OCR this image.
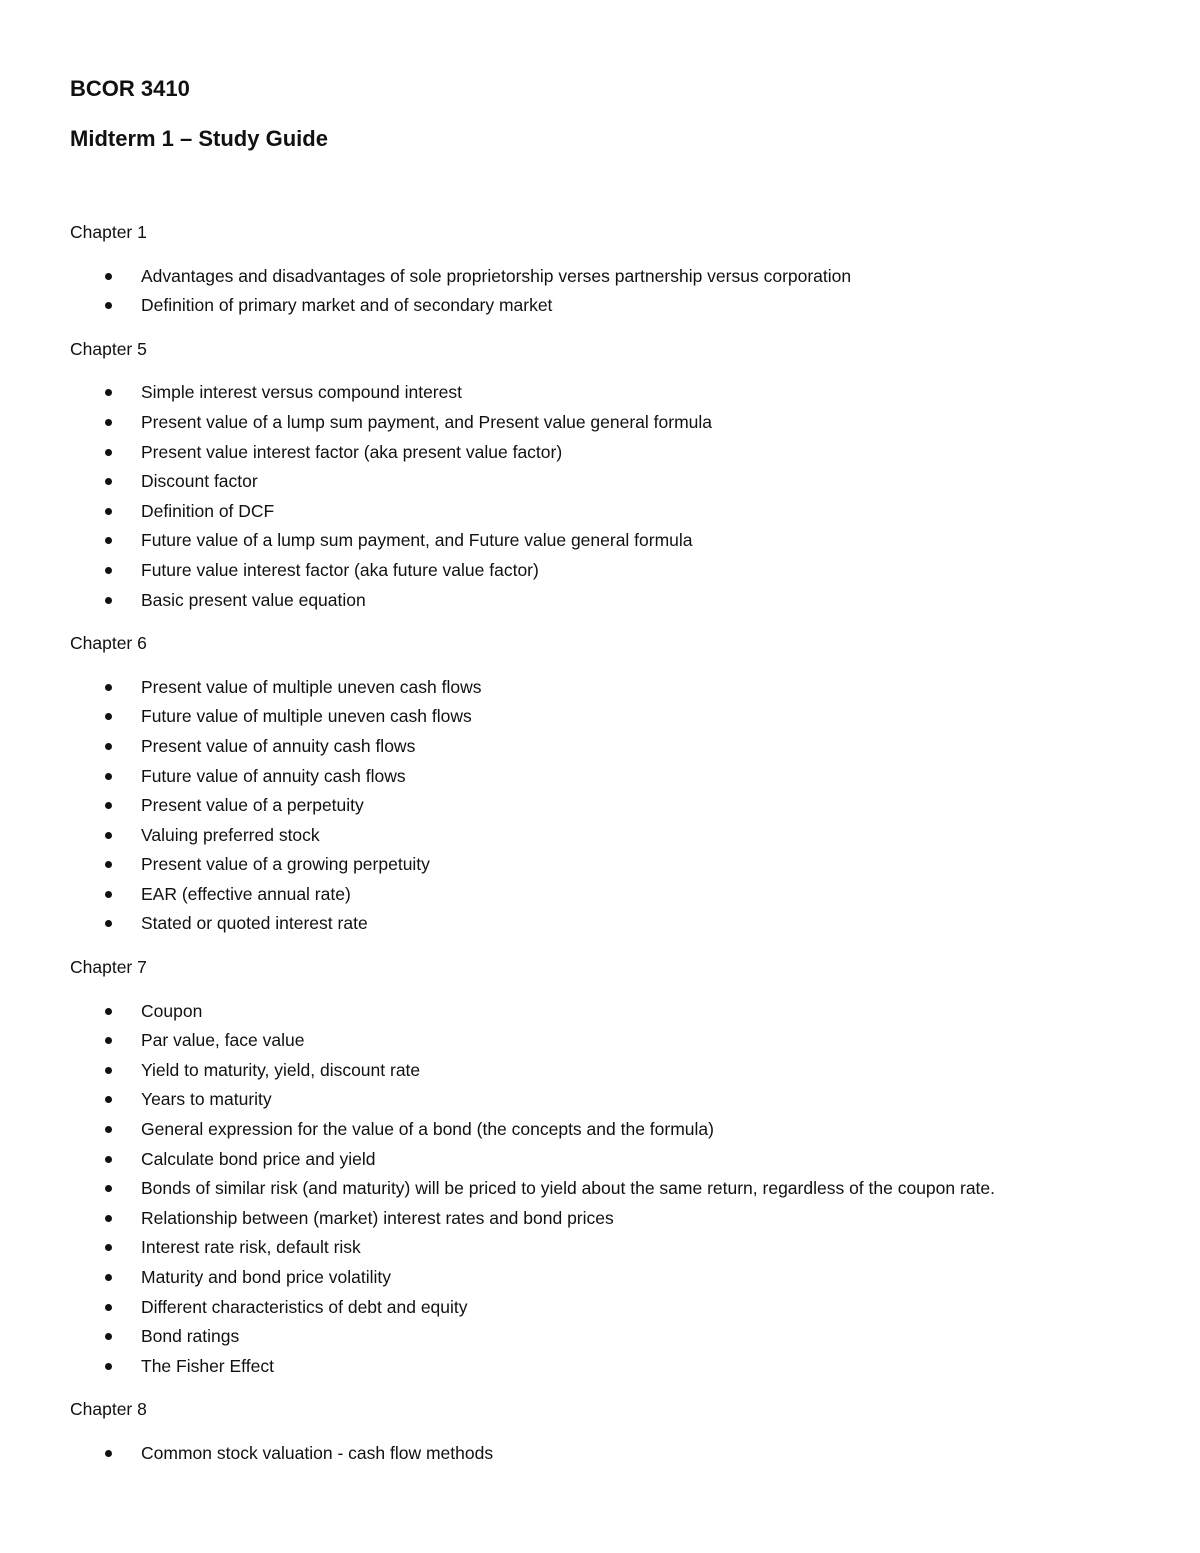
BCOR 3410
Midterm 1 – Study Guide

Chapter 1

Advantages and disadvantages of sole proprietorship verses partnership versus corporation
Definition of primary market and of secondary market

Chapter 5

Simple interest versus compound interest
Present value of a lump sum payment, and Present value general formula
Present value interest factor (aka present value factor)
Discount factor
Definition of DCF
Future value of a lump sum payment, and Future value general formula
Future value interest factor (aka future value factor)
Basic present value equation

Chapter 6

Present value of multiple uneven cash flows
Future value of multiple uneven cash flows
Present value of annuity cash flows
Future value of annuity cash flows
Present value of a perpetuity
Valuing preferred stock
Present value of a growing perpetuity
EAR (effective annual rate)
Stated or quoted interest rate

Chapter 7

Coupon
Par value, face value
Yield to maturity, yield, discount rate
Years to maturity
General expression for the value of a bond (the concepts and the formula)
Calculate bond price and yield
Bonds of similar risk (and maturity) will be priced to yield about the same return, regardless of the coupon rate.
Relationship between (market) interest rates and bond prices
Interest rate risk, default risk
Maturity and bond price volatility
Different characteristics of debt and equity
Bond ratings
The Fisher Effect

Chapter 8

Common stock valuation - cash flow methods
